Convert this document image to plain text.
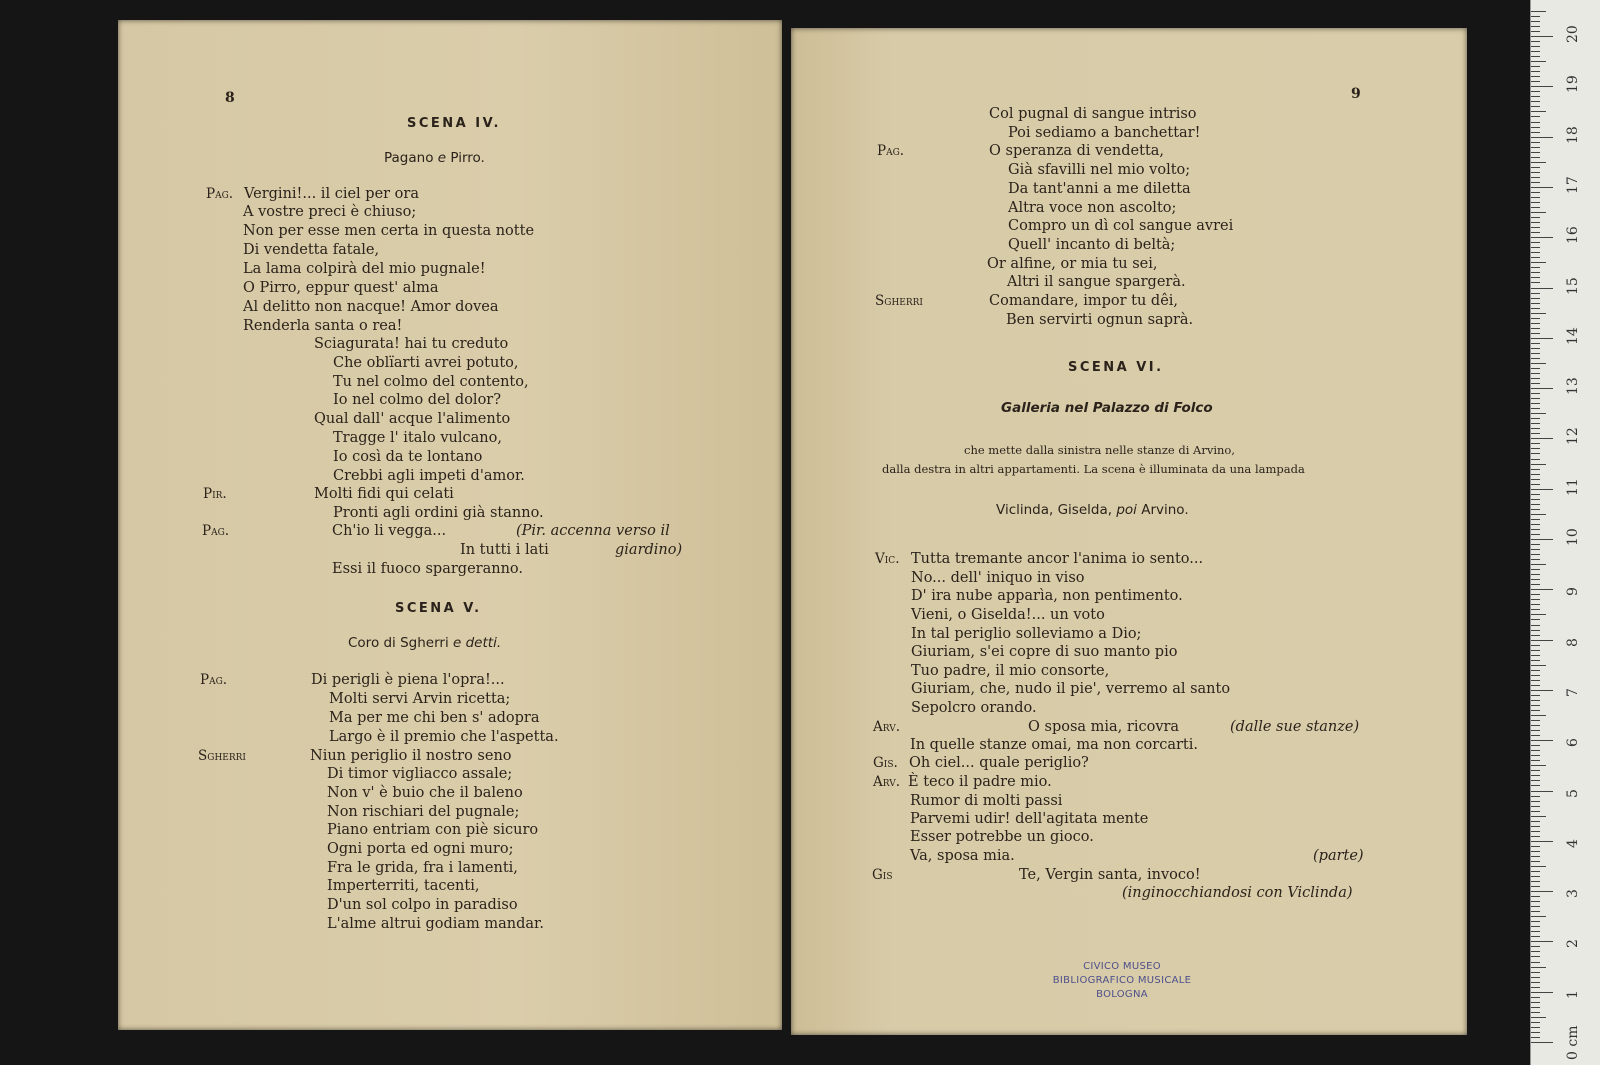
8
SCENA IV.
Pagano e Pirro.
Pag. Vergini!... il ciel per ora
A vostre preci è chiuso;
Non per esse men certa in questa notte
Di vendetta fatale,
La lama colpirà del mio pugnale!
O Pirro, eppur quest' alma
Al delitto non nacque! Amor dovea
Renderla santa o rea!
Sciagurata! hai tu creduto
Che oblïarti avrei potuto,
Tu nel colmo del contento,
Io nel colmo del dolor?
Qual dall' acque l'alimento
Tragge l' italo vulcano,
Io così da te lontano
Crebbi agli impeti d'amor.
Pir.	Molti fidi qui celati
Pronti agli ordini già stanno.
Pag.	Ch'io li vegga...	(Pir. accenna verso il
In tutti i lati	giardino)
Essi il fuoco spargeranno.
SCENA V.
Coro di Sgherri e detti.
Pag.	Di perigli è piena l'opra!...
Molti servi Arvin ricetta;
Ma per me chi ben s' adopra
Largo è il premio che l'aspetta.
Sgherri	Niun periglio il nostro seno
Di timor vigliacco assale;
Non v' è buio che il baleno
Non rischiari del pugnale;
Piano entriam con piè sicuro
Ogni porta ed ogni muro;
Fra le grida, fra i lamenti,
Imperterriti, tacenti,
D'un sol colpo in paradiso
L'alme altrui godiam mandar.
9
Col pugnal di sangue intriso
Poi sediamo a banchettar!
Pag.	O speranza di vendetta,
Già sfavilli nel mio volto;
Da tant'anni a me diletta
Altra voce non ascolto;
Compro un dì col sangue avrei
Quell' incanto di beltà;
Or alfine, or mia tu sei,
Altri il sangue spargerà.
Sgherri	Comandare, impor tu dêi,
Ben servirti ognun saprà.
SCENA VI.
Galleria nel Palazzo di Folco
che mette dalla sinistra nelle stanze di Arvino,
dalla destra in altri appartamenti. La scena è illuminata da una lampada
Viclinda, Giselda, poi Arvino.
Vic. Tutta tremante ancor l'anima io sento...
No... dell' iniquo in viso
D' ira nube apparìa, non pentimento.
Vieni, o Giselda!... un voto
In tal periglio solleviamo a Dio;
Giuriam, s'ei copre di suo manto pio
Tuo padre, il mio consorte,
Giuriam, che, nudo il pie', verremo al santo
Sepolcro orando.
Arv.	O sposa mia, ricovra	(dalle sue stanze)
In quelle stanze omai, ma non corcarti.
Gis. Oh ciel... quale periglio?
Arv. È teco il padre mio.
Rumor di molti passi
Parvemi udir! dell'agitata mente
Esser potrebbe un gioco.
Va, sposa mia.	(parte)
Gis	Te, Vergin santa, invoco!
(inginocchiandosi con Viclinda)
CIVICO MUSEO
BIBLIOGRAFICO MUSICALE
BOLOGNA
0 cm
1
2
3
4
5
6
7
8
9
10
11
12
13
14
15
16
17
18
19
20
